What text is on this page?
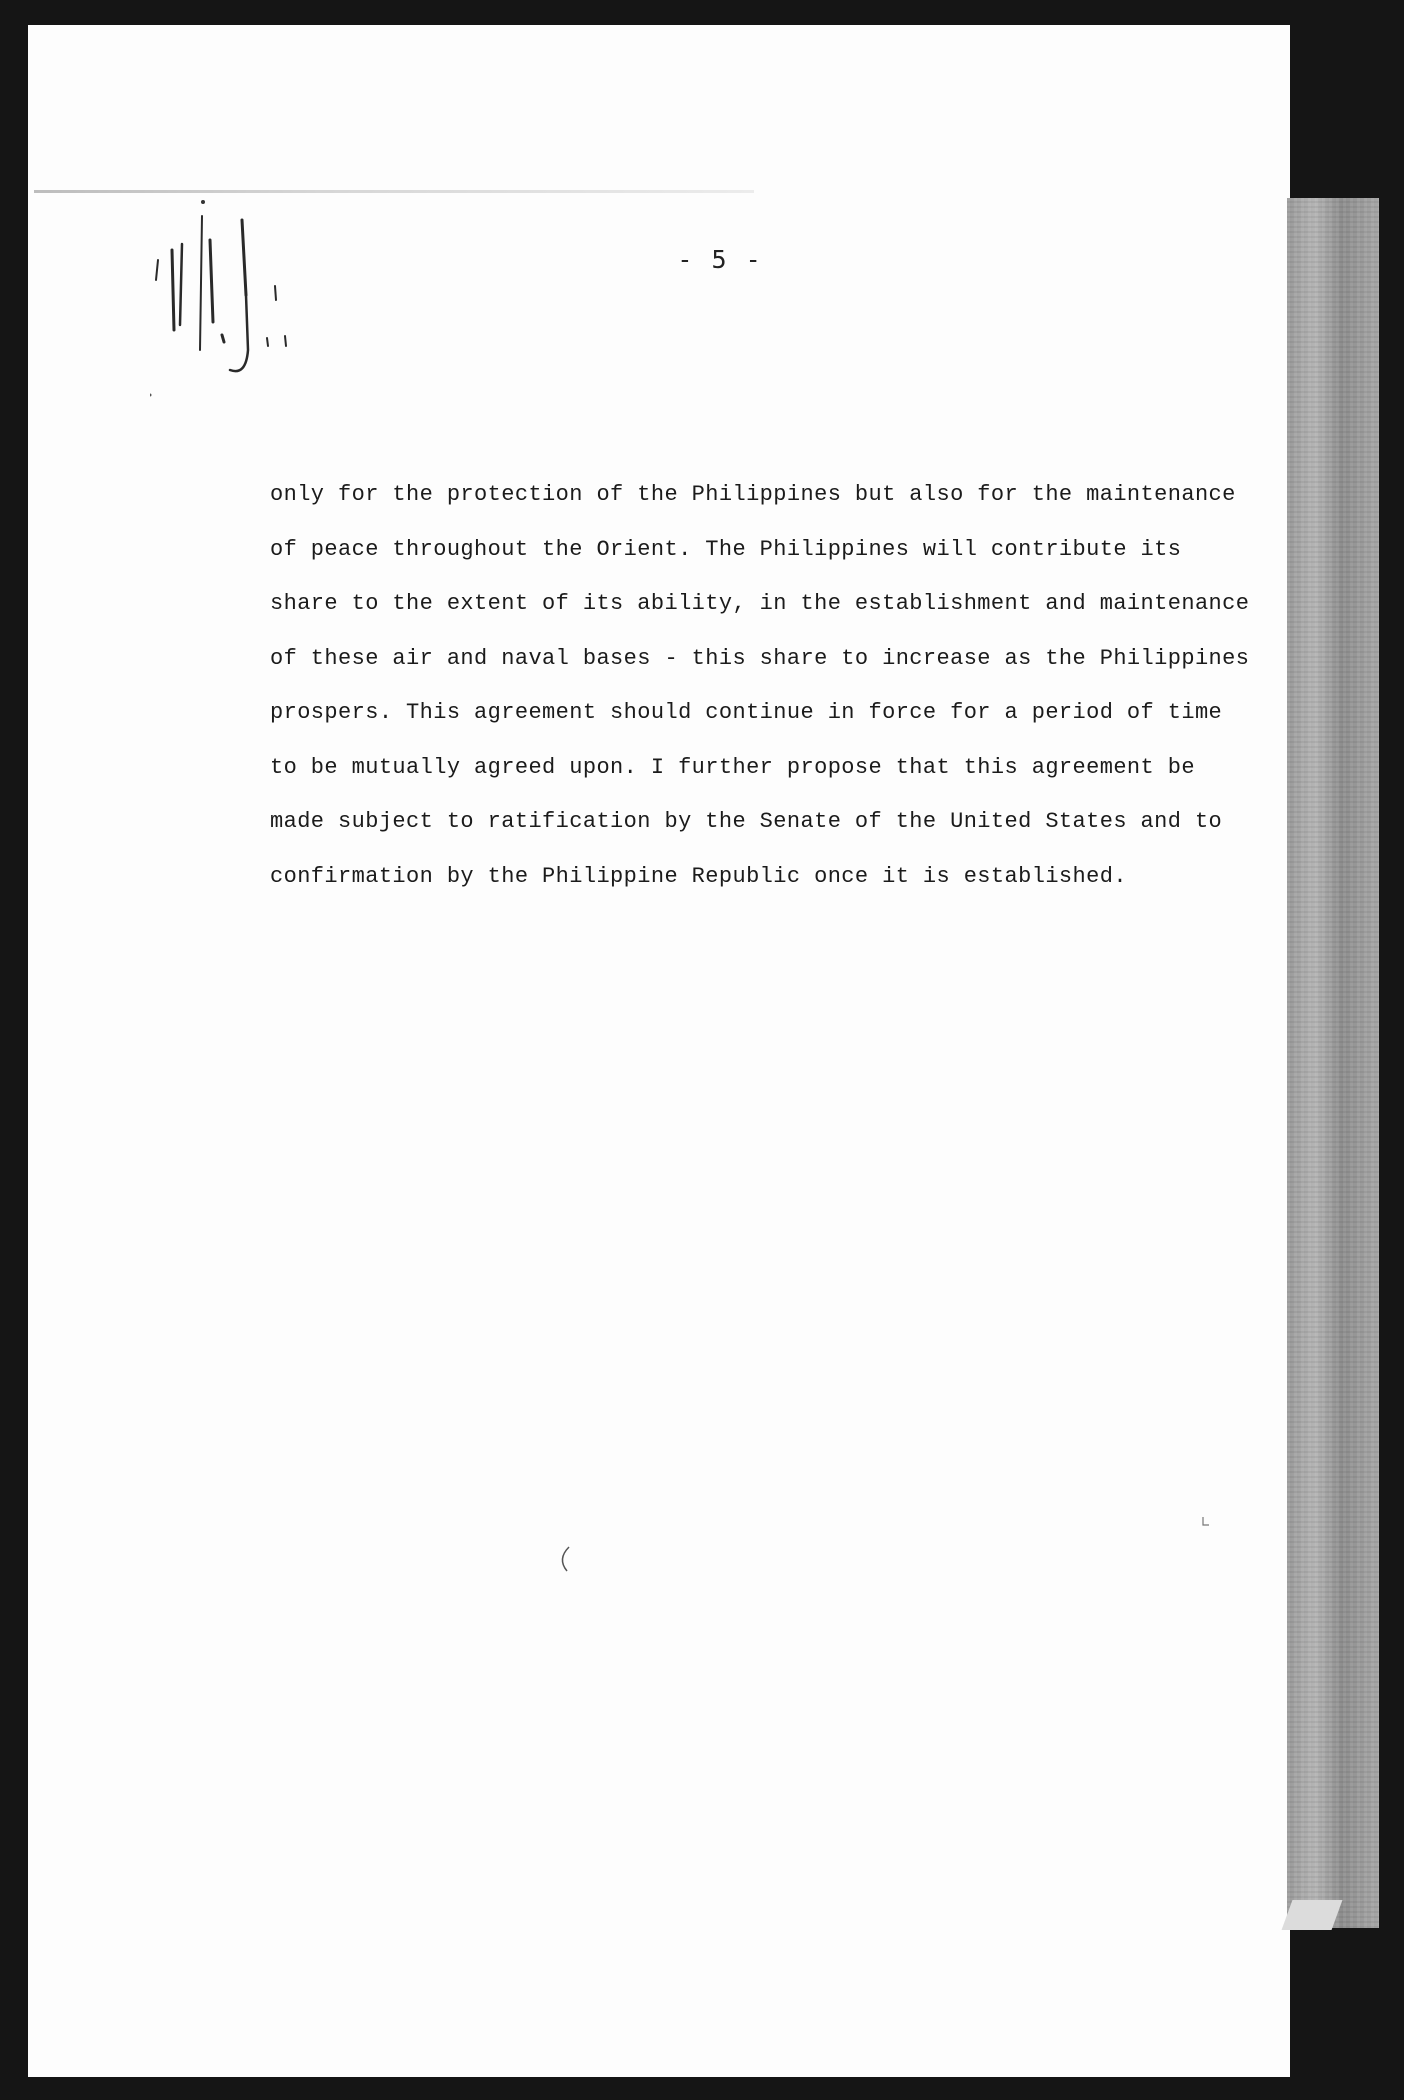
- 5 -
only for the protection of the Philippines but also for the maintenance
of peace throughout the Orient. The Philippines will contribute its
share to the extent of its ability, in the establishment and maintenance
of these air and naval bases - this share to increase as the Philippines
prospers. This agreement should continue in force for a period of time
to be mutually agreed upon. I further propose that this agreement be
made subject to ratification by the Senate of the United States and to
confirmation by the Philippine Republic once it is established.
